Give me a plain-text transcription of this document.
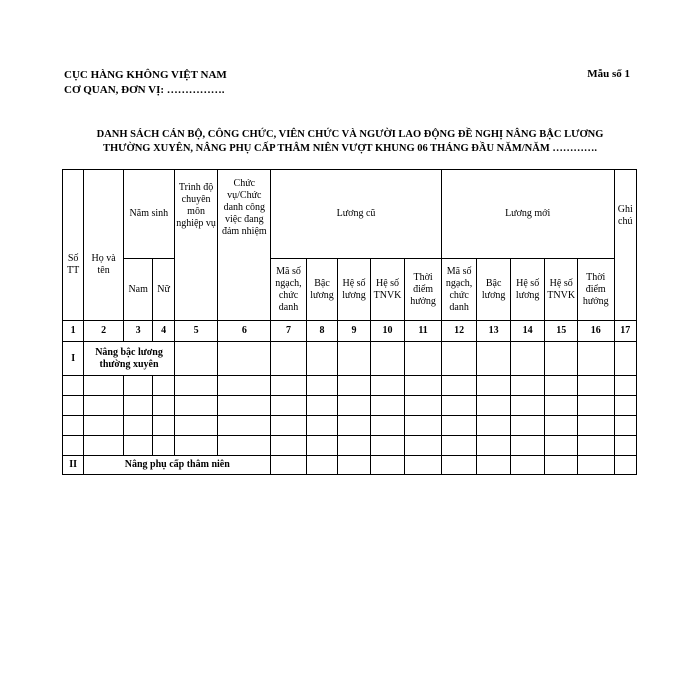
CỤC HÀNG KHÔNG VIỆT NAM
CƠ QUAN, ĐƠN VỊ: …………….
Mẫu số 1
DANH SÁCH CÁN BỘ, CÔNG CHỨC, VIÊN CHỨC VÀ NGƯỜI LAO ĐỘNG ĐỀ NGHỊ NÂNG BẬC LƯƠNG
THƯỜNG XUYÊN, NÂNG PHỤ CẤP THÂM NIÊN VƯỢT KHUNG 06 THÁNG ĐẦU NĂM/NĂM ………….
Số TT	Họ và tên	Năm sinh		Trình độ chuyên môn nghiệp vụ	Chức vụ/Chức danh công việc đang đảm nhiệm	Lương cũ					Lương mới					Ghi chú
		Nam	Nữ			Mã số ngạch, chức danh	Bậc lương	Hệ số lương	Hệ số TNVK	Thời điểm hưởng	Mã số ngạch, chức danh	Bậc lương	Hệ số lương	Hệ số TNVK	Thời điểm hưởng	
1	2	3	4	5	6	7	8	9	10	11	12	13	14	15	16	17
I	Nâng bậc lương thường xuyên															

II	Nâng phụ cấp thâm niên															
